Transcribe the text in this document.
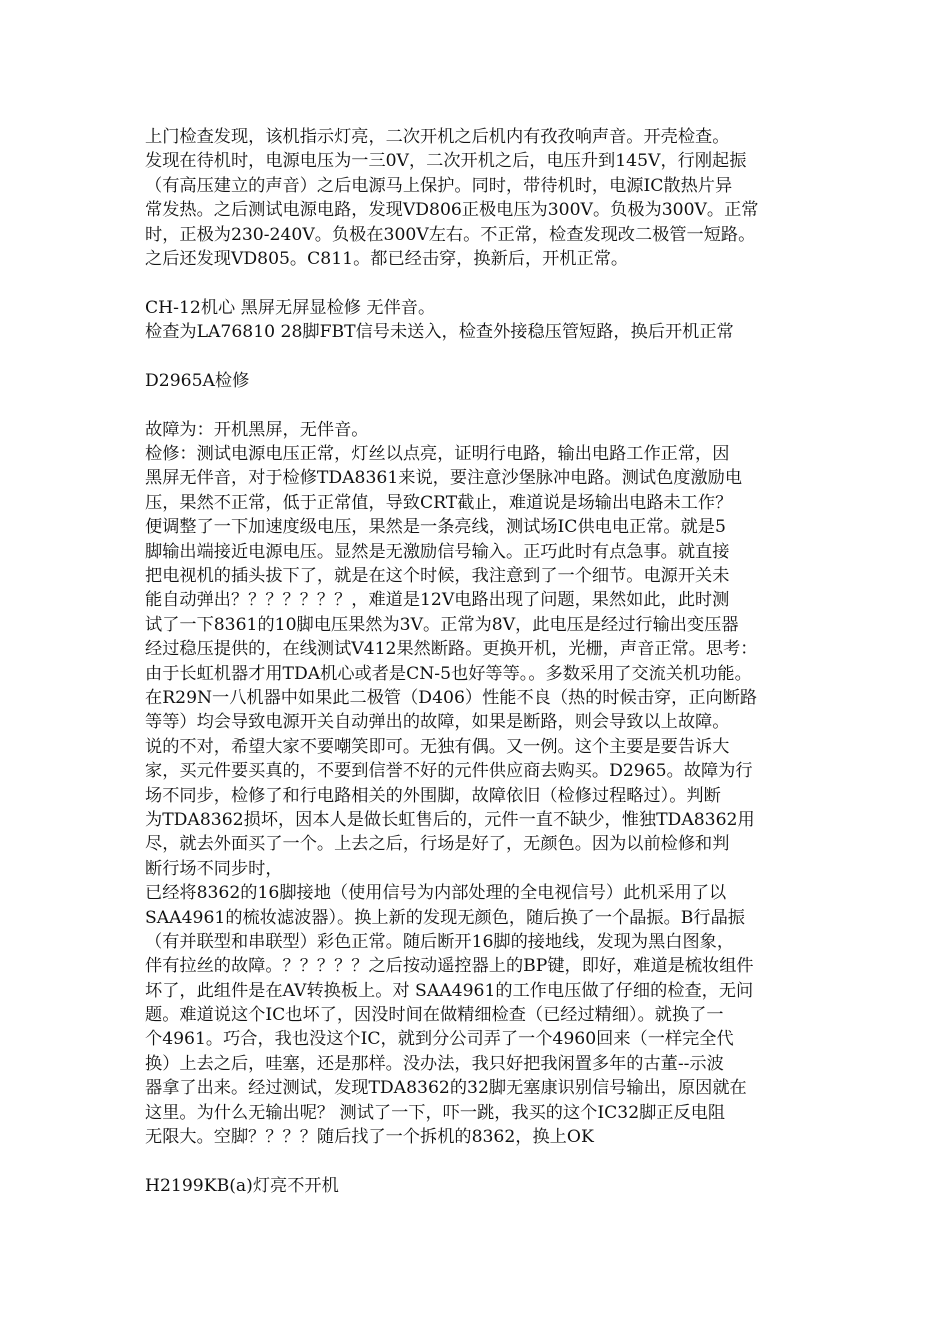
上门检查发现，该机指示灯亮，二次开机之后机内有孜孜响声音。开壳检查。
发现在待机时，电源电压为一三0V，二次开机之后，电压升到145V，行刚起振
（有高压建立的声音）之后电源马上保护。同时，带待机时，电源IC散热片异
常发热。之后测试电源电路，发现VD806正极电压为300V。负极为300V。正常
时，正极为230-240V。负极在300V左右。不正常，检查发现改二极管一短路。
之后还发现VD805。C811。都已经击穿，换新后，开机正常。
CH-12机心 黑屏无屏显检修 无伴音。
检查为LA76810 28脚FBT信号未送入，检查外接稳压管短路，换后开机正常
D2965A检修
故障为：开机黑屏，无伴音。
检修：测试电源电压正常，灯丝以点亮，证明行电路，输出电路工作正常，因
黑屏无伴音，对于检修TDA8361来说，要注意沙堡脉冲电路。测试色度激励电
压，果然不正常，低于正常值，导致CRT截止，难道说是场输出电路未工作？
便调整了一下加速度级电压，果然是一条亮线，测试场IC供电电正常。就是5
脚输出端接近电源电压。显然是无激励信号输入。正巧此时有点急事。就直接
把电视机的插头拔下了，就是在这个时候，我注意到了一个细节。电源开关未
能自动弹出？？？？？？？，难道是12V电路出现了问题，果然如此，此时测
试了一下8361的10脚电压果然为3V。正常为8V，此电压是经过行输出变压器
经过稳压提供的，在线测试V412果然断路。更换开机，光栅，声音正常。思考：
由于长虹机器才用TDA机心或者是CN-5也好等等。。多数采用了交流关机功能。
在R29N一八机器中如果此二极管（D406）性能不良（热的时候击穿，正向断路
等等）均会导致电源开关自动弹出的故障，如果是断路，则会导致以上故障。
说的不对，希望大家不要嘲笑即可。无独有偶。又一例。这个主要是要告诉大
家，买元件要买真的，不要到信誉不好的元件供应商去购买。D2965。故障为行
场不同步，检修了和行电路相关的外围脚，故障依旧（检修过程略过）。判断
为TDA8362损坏，因本人是做长虹售后的，元件一直不缺少，惟独TDA8362用
尽，就去外面买了一个。上去之后，行场是好了，无颜色。因为以前检修和判
断行场不同步时，
已经将8362的16脚接地（使用信号为内部处理的全电视信号）此机采用了以
SAA4961的梳妆滤波器）。换上新的发现无颜色，随后换了一个晶振。B行晶振
（有并联型和串联型）彩色正常。随后断开16脚的接地线，发现为黑白图象，
伴有拉丝的故障。？？？？？之后按动遥控器上的BP键，即好，难道是梳妆组件
坏了，此组件是在AV转换板上。对 SAA4961的工作电压做了仔细的检查，无问
题。难道说这个IC也坏了，因没时间在做精细检查（已经过精细）。就换了一
个4961。巧合，我也没这个IC，就到分公司弄了一个4960回来（一样完全代
换）上去之后，哇塞，还是那样。没办法，我只好把我闲置多年的古董--示波
器拿了出来。经过测试，发现TDA8362的32脚无塞康识别信号输出，原因就在
这里。为什么无输出呢？ 测试了一下，吓一跳，我买的这个IC32脚正反电阻
无限大。空脚？？？？随后找了一个拆机的8362，换上OK
H2199KB(a)灯亮不开机
